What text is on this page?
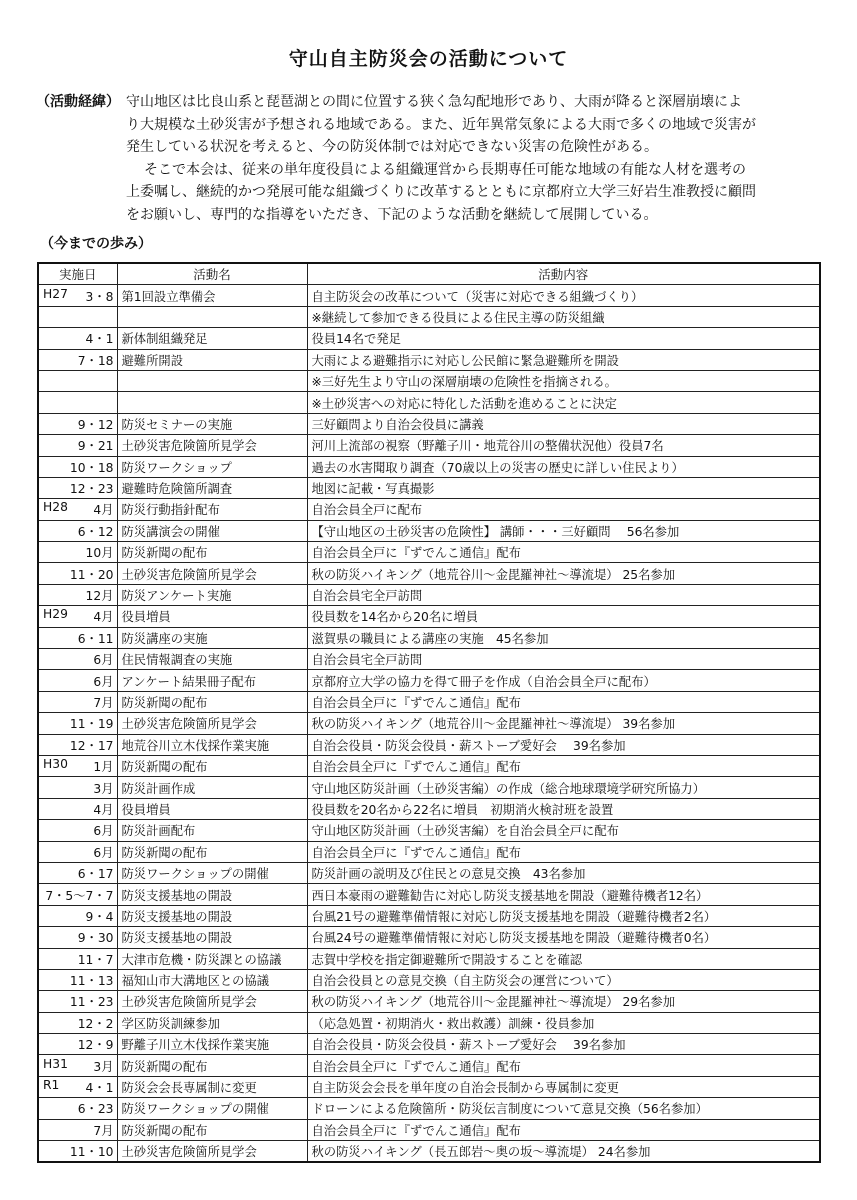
守山自主防災会の活動について
（活動経緯） 守山地区は比良山系と琵琶湖との間に位置する狭く急勾配地形であり、大雨が降ると深層崩壊によ
り大規模な土砂災害が予想される地域である。また、近年異常気象による大雨で多くの地域で災害が
発生している状況を考えると、今の防災体制では対応できない災害の危険性がある。
そこで本会は、従来の単年度役員による組織運営から長期専任可能な地域の有能な人材を選考の
上委嘱し、継続的かつ発展可能な組織づくりに改革するとともに京都府立大学三好岩生准教授に顧問
をお願いし、専門的な指導をいただき、下記のような活動を継続して展開している。
（今までの歩み）
実施日	活動名	活動内容

H27 3・8	第1回設立準備会	自主防災会の改革について（災害に対応できる組織づくり）

		※継続して参加できる役員による住民主導の防災組織

4・1	新体制組織発足	役員14名で発足

7・18	避難所開設	大雨による避難指示に対応し公民館に緊急避難所を開設

		※三好先生より守山の深層崩壊の危険性を指摘される。

		※土砂災害への対応に特化した活動を進めることに決定

9・12	防災セミナーの実施	三好顧問より自治会役員に講義

9・21	土砂災害危険箇所見学会	河川上流部の視察（野離子川・地荒谷川の整備状況他）役員7名

10・18	防災ワークショップ	過去の水害聞取り調査（70歳以上の災害の歴史に詳しい住民より）

12・23	避難時危険箇所調査	地図に記載・写真撮影

H28 4月	防災行動指針配布	自治会員全戸に配布

6・12	防災講演会の開催	【守山地区の土砂災害の危険性】 講師・・・三好顧問　 56名参加

10月	防災新聞の配布	自治会員全戸に『ずでんこ通信』配布

11・20	土砂災害危険箇所見学会	秋の防災ハイキング（地荒谷川～金毘羅神社～導流堤） 25名参加

12月	防災アンケート実施	自治会員宅全戸訪問

H29 4月	役員増員	役員数を14名から20名に増員

6・11	防災講座の実施	滋賀県の職員による講座の実施　45名参加

6月	住民情報調査の実施	自治会員宅全戸訪問

6月	アンケート結果冊子配布	京都府立大学の協力を得て冊子を作成（自治会員全戸に配布）

7月	防災新聞の配布	自治会員全戸に『ずでんこ通信』配布

11・19	土砂災害危険箇所見学会	秋の防災ハイキング（地荒谷川～金毘羅神社～導流堤） 39名参加

12・17	地荒谷川立木伐採作業実施	自治会役員・防災会役員・薪ストーブ愛好会　 39名参加

H30 1月	防災新聞の配布	自治会員全戸に『ずでんこ通信』配布

3月	防災計画作成	守山地区防災計画（土砂災害編）の作成（総合地球環境学研究所協力）

4月	役員増員	役員数を20名から22名に増員　初期消火検討班を設置

6月	防災計画配布	守山地区防災計画（土砂災害編）を自治会員全戸に配布

6月	防災新聞の配布	自治会員全戸に『ずでんこ通信』配布

6・17	防災ワークショップの開催	防災計画の説明及び住民との意見交換　43名参加

7・5～7・7	防災支援基地の開設	西日本豪雨の避難勧告に対応し防災支援基地を開設（避難待機者12名）

9・4	防災支援基地の開設	台風21号の避難準備情報に対応し防災支援基地を開設（避難待機者2名）

9・30	防災支援基地の開設	台風24号の避難準備情報に対応し防災支援基地を開設（避難待機者0名）

11・7	大津市危機・防災課との協議	志賀中学校を指定御避難所で開設することを確認

11・13	福知山市大溝地区との協議	自治会役員との意見交換（自主防災会の運営について）

11・23	土砂災害危険箇所見学会	秋の防災ハイキング（地荒谷川～金毘羅神社～導流堤） 29名参加

12・2	学区防災訓練参加	（応急処置・初期消火・救出救護）訓練・役員参加

12・9	野離子川立木伐採作業実施	自治会役員・防災会役員・薪ストーブ愛好会　 39名参加

H31 3月	防災新聞の配布	自治会員全戸に『ずでんこ通信』配布

R1 4・1	防災会会長専属制に変更	自主防災会会長を単年度の自治会長制から専属制に変更

6・23	防災ワークショップの開催	ドローンによる危険箇所・防災伝言制度について意見交換（56名参加）

7月	防災新聞の配布	自治会員全戸に『ずでんこ通信』配布

11・10	土砂災害危険箇所見学会	秋の防災ハイキング（長五郎岩～奥の坂～導流堤） 24名参加
